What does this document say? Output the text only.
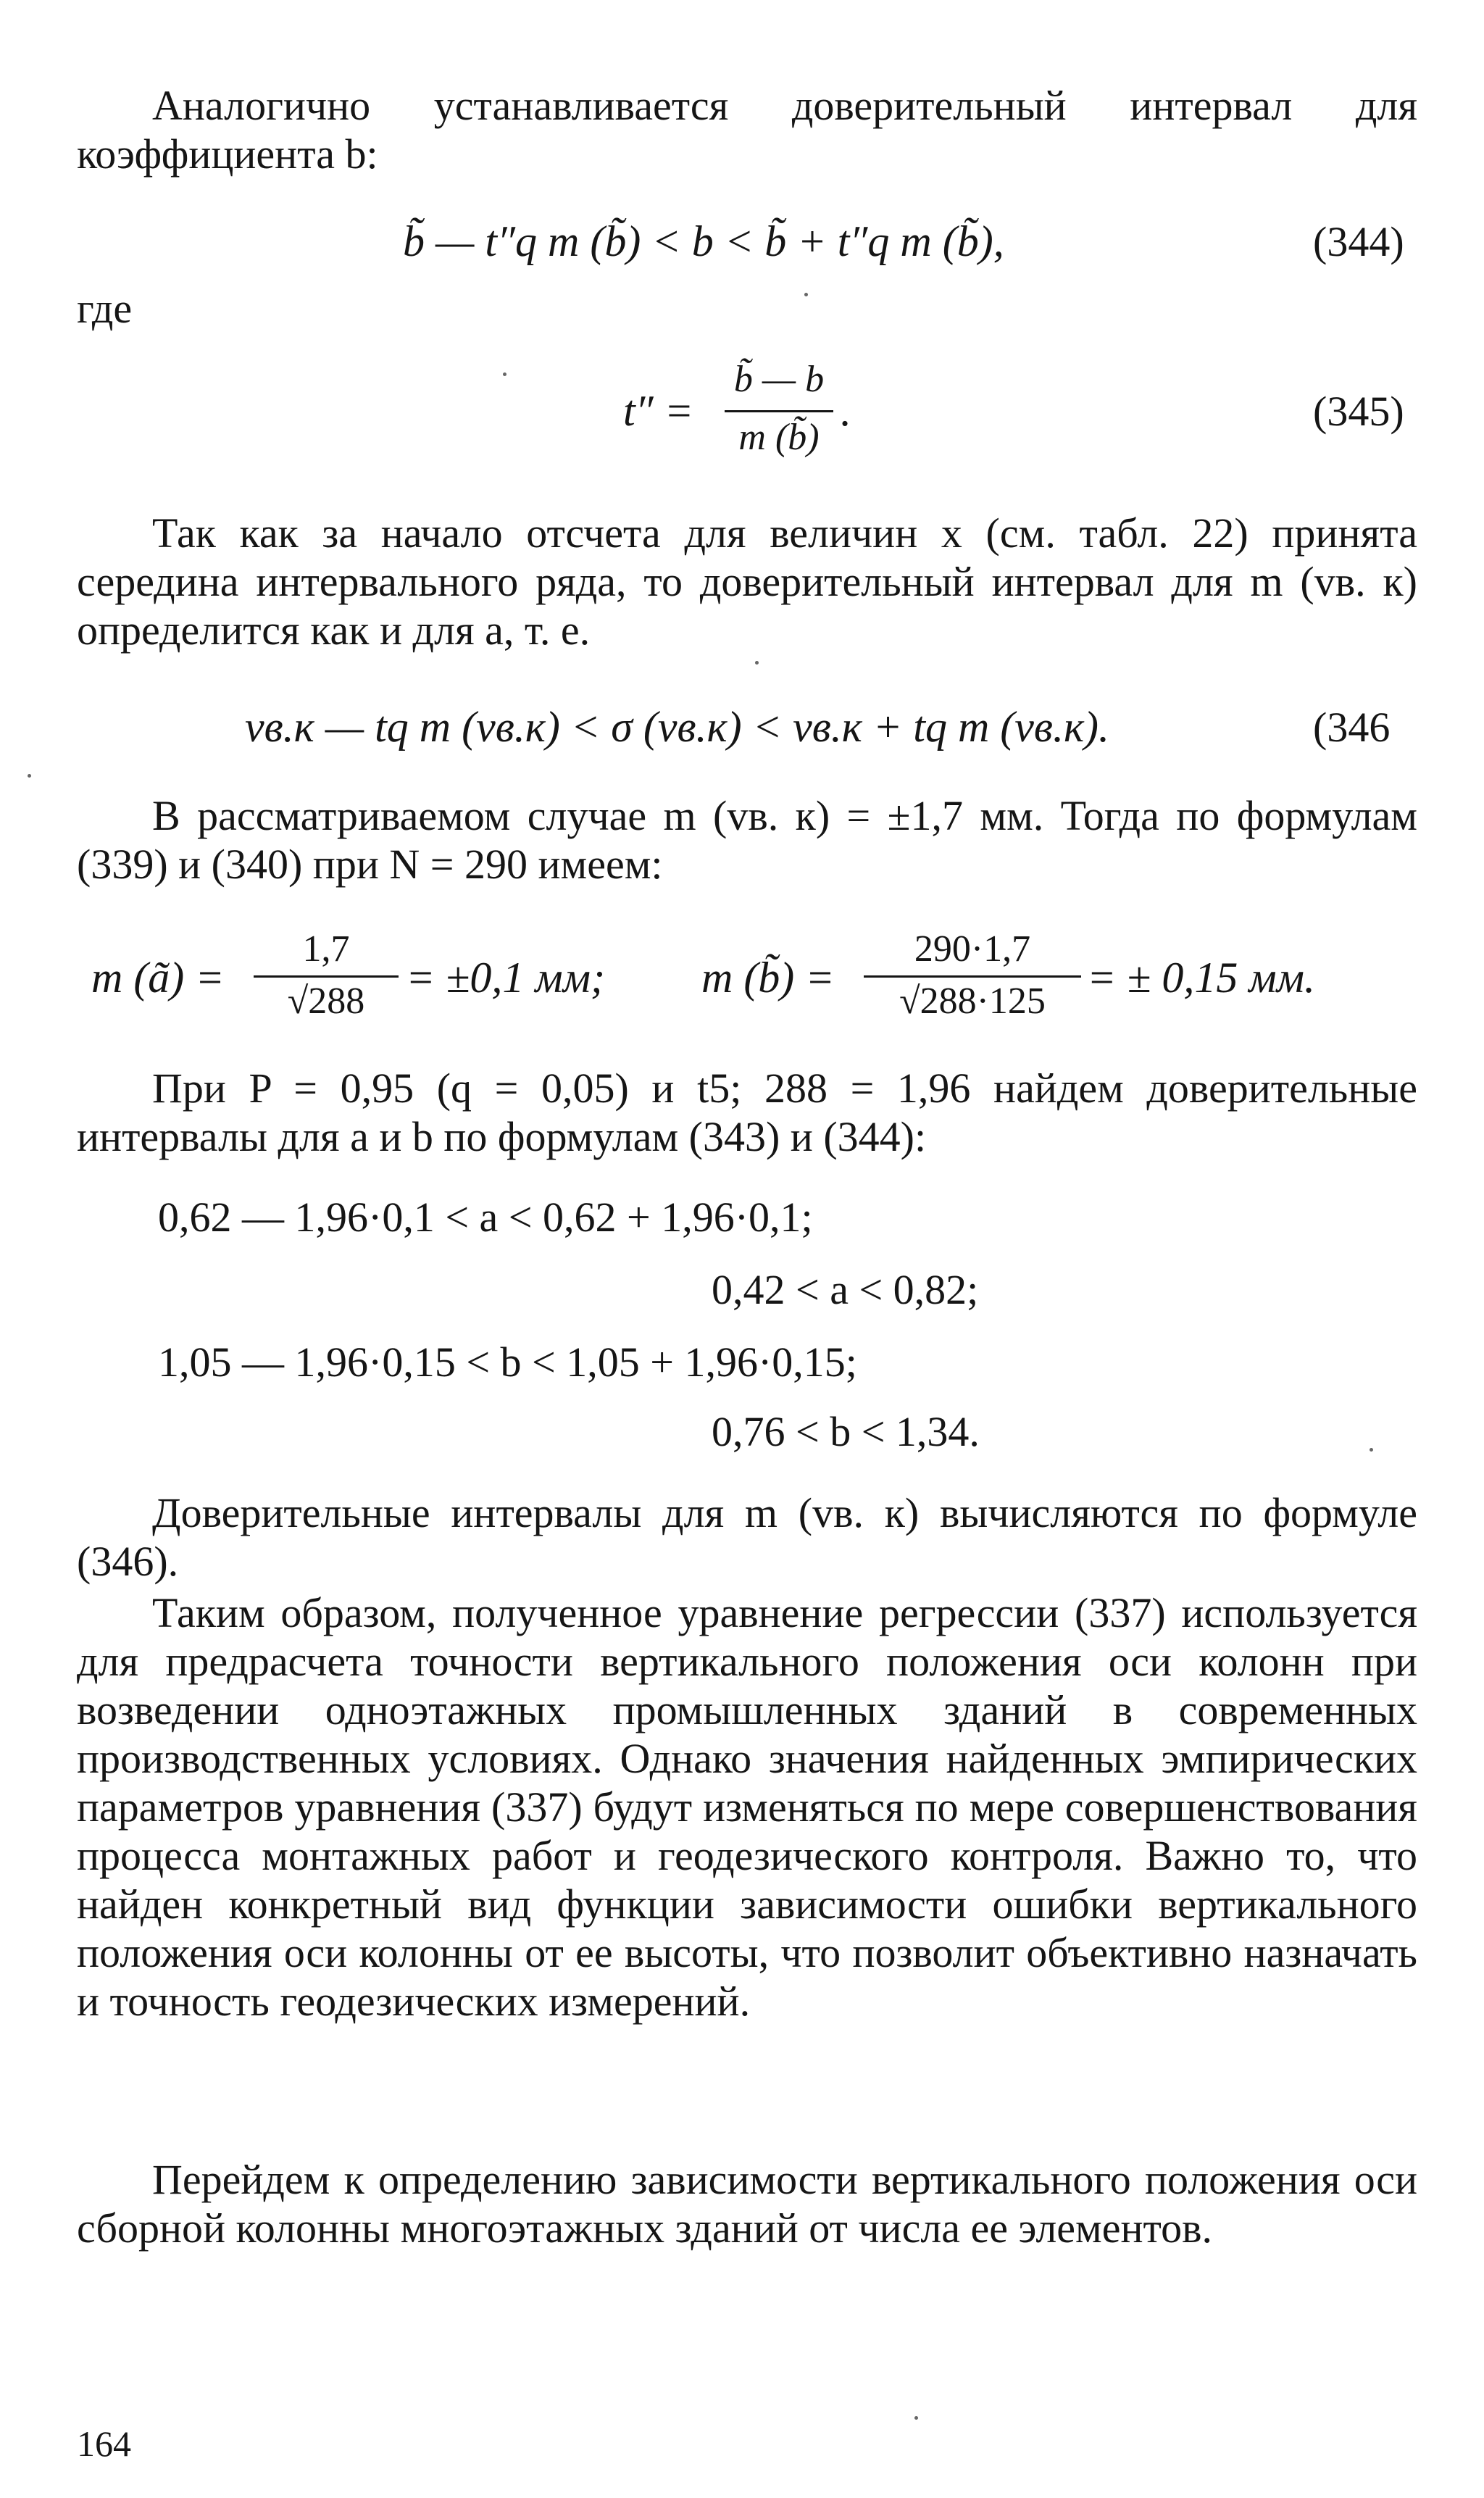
Аналогично устанавливается доверительный интервал для коэффициента b:

b̃ — t″q m (b̃) < b < b̃ + t″q m (b̃),	(344)
где
t″ =
b̃ — b
m (b̃)
.	(345)

Так как за начало отсчета для величин x (см. табл. 22) принята середина интервального ряда, то доверительный интервал для m (vв. к) определится как и для a, т. е.

vв.к — tq m (vв.к) < σ (vв.к) < vв.к + tq m (vв.к).	(346

В рассматриваемом случае m (vв. к) = ±1,7 мм. Тогда по формулам (339) и (340) при N = 290 имеем:

m (ã) =
1,7
√288 = ±0,1 мм; m (b̃) =
290·1,7
√288·125 = ± 0,15 мм.

При P = 0,95 (q = 0,05) и t5; 288 = 1,96 найдем доверительные интервалы для a и b по формулам (343) и (344):

0,62 — 1,96·0,1 < a < 0,62 + 1,96·0,1;
0,42 < a < 0,82;
1,05 — 1,96·0,15 < b < 1,05 + 1,96·0,15;
0,76 < b < 1,34.

Доверительные интервалы для m (vв. к) вычисляются по формуле (346).

Таким образом, полученное уравнение регрессии (337) используется для предрасчета точности вертикального положения оси колонн при возведении одноэтажных промышленных зданий в современных производственных условиях. Однако значения найденных эмпирических параметров уравнения (337) будут изменяться по мере совершенствования процесса монтажных работ и геодезического контроля. Важно то, что найден конкретный вид функции зависимости ошибки вертикального положения оси колонны от ее высоты, что позволит объективно назначать и точность геодезических измерений.

Перейдем к определению зависимости вертикального положения оси сборной колонны многоэтажных зданий от числа ее элементов.

164
